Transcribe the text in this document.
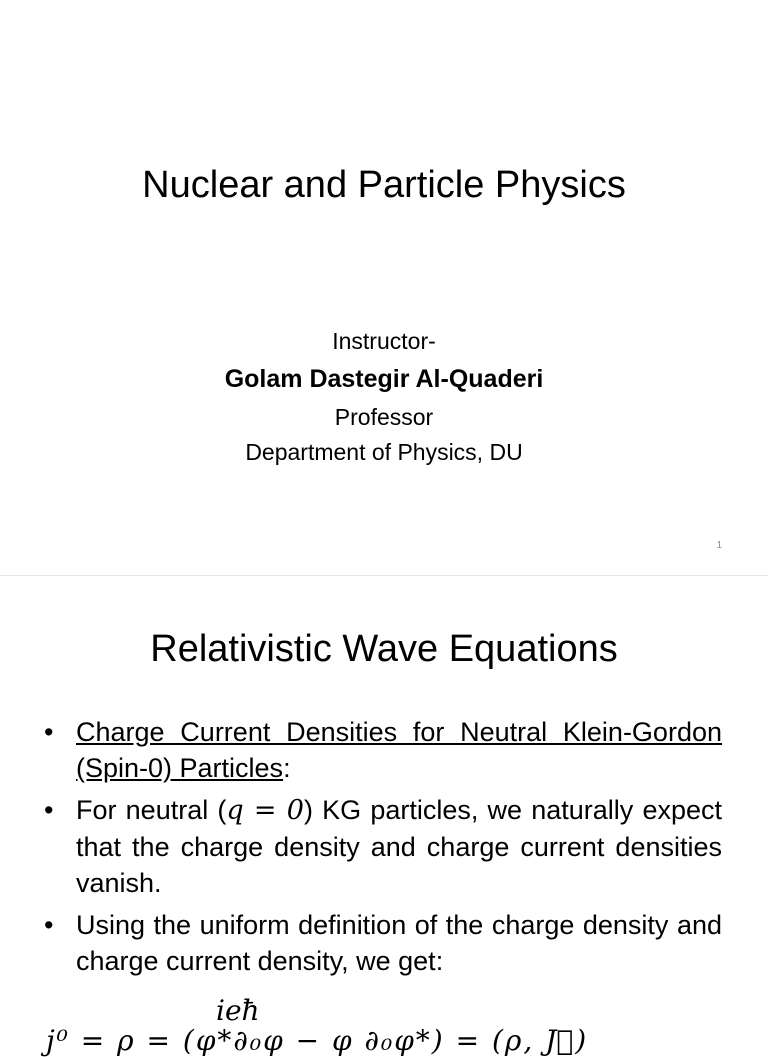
Nuclear and Particle Physics
Instructor-
Golam Dastegir Al-Quaderi
Professor
Department of Physics, DU
1
Relativistic Wave Equations
• Charge Current Densities for Neutral Klein-Gordon (Spin-0) Particles:
• For neutral (q = 0) KG particles, we naturally expect that the charge density and charge current densities vanish.
• Using the uniform definition of the charge density and charge current density, we get:
ieħ
j⁰ = ρ = (φ*∂₀φ − φ ∂₀φ*) = (ρ, J⃗)
